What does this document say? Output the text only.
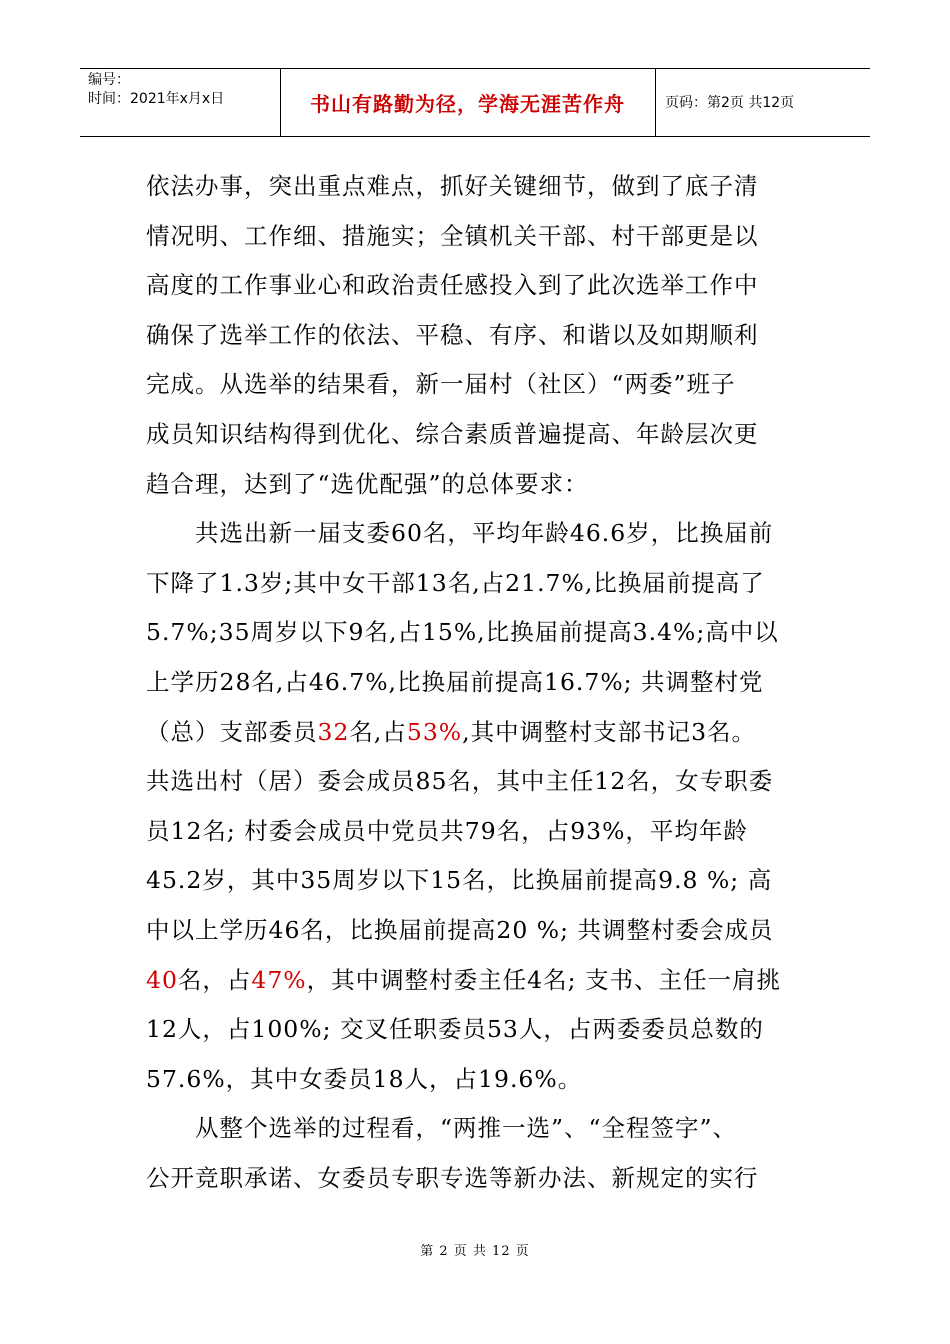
编号：
时间：2021年x月x日	书山有路勤为径，学海无涯苦作舟	页码：第2页 共12页
依法办事，突出重点难点，抓好关键细节，做到了底子清
情况明、工作细、措施实；全镇机关干部、村干部更是以
高度的工作事业心和政治责任感投入到了此次选举工作中
确保了选举工作的依法、平稳、有序、和谐以及如期顺利
完成。从选举的结果看，新一届村（社区）“两委”班子
成员知识结构得到优化、综合素质普遍提高、年龄层次更
趋合理，达到了“选优配强”的总体要求：
　　共选出新一届支委60名，平均年龄46.6岁，比换届前
下降了1.3岁;其中女干部13名,占21.7%,比换届前提高了
5.7%;35周岁以下9名,占15%,比换届前提高3.4%;高中以
上学历28名,占46.7%,比换届前提高16.7%; 共调整村党
（总）支部委员32名,占53%,其中调整村支部书记3名。
共选出村（居）委会成员85名，其中主任12名，女专职委
员12名; 村委会成员中党员共79名，占93%，平均年龄
45.2岁，其中35周岁以下15名，比换届前提高9.8 %; 高
中以上学历46名，比换届前提高20 %; 共调整村委会成员
40名，占47%，其中调整村委主任4名; 支书、主任一肩挑
12人，占100%; 交叉任职委员53人，占两委委员总数的
57.6%，其中女委员18人，占19.6%。
　　从整个选举的过程看，“两推一选”、“全程签字”、
公开竞职承诺、女委员专职专选等新办法、新规定的实行
第 2 页 共 12 页
